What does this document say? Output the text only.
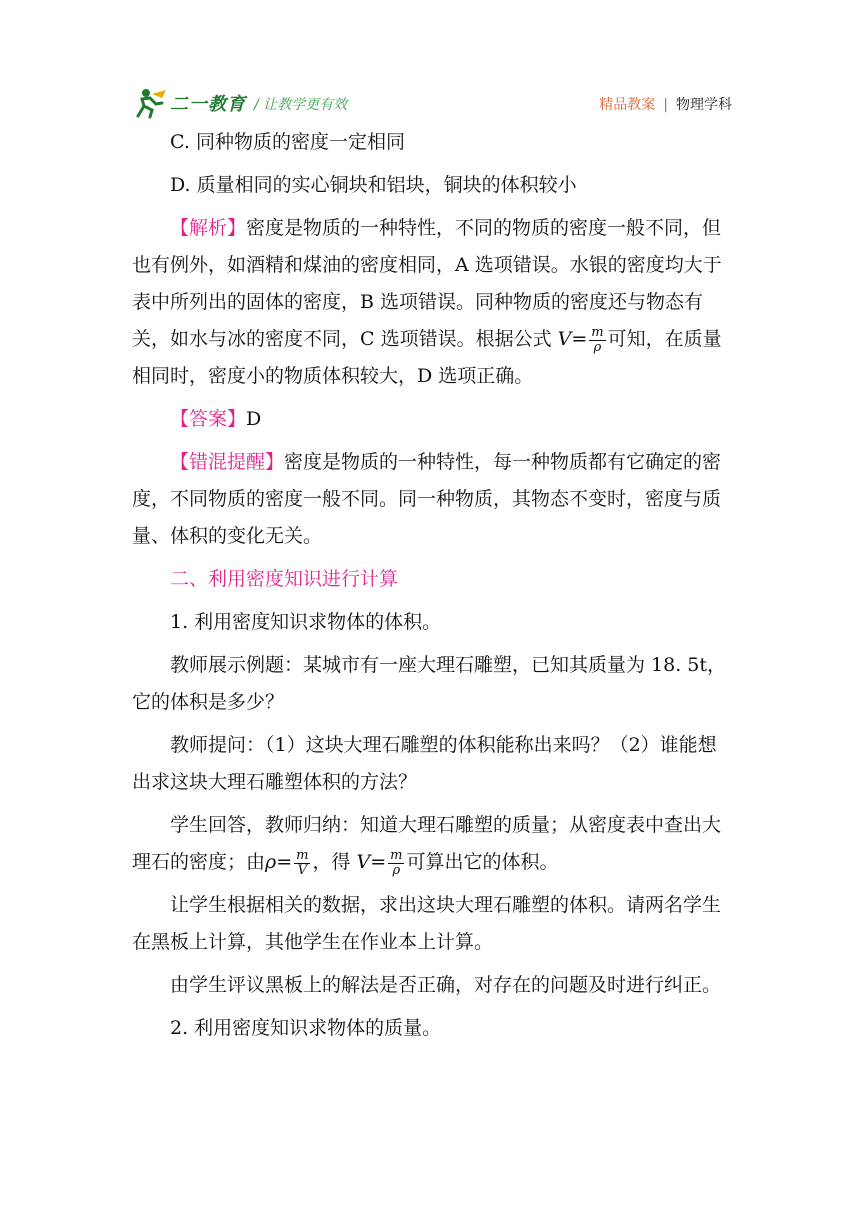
二一教育 / 让教学更有效	精品教案 | 物理学科

C. 同种物质的密度一定相同

D. 质量相同的实心铜块和铝块，铜块的体积较小

【解析】密度是物质的一种特性，不同的物质的密度一般不同，但也有例外，如酒精和煤油的密度相同，A 选项错误。水银的密度均大于表中所列出的固体的密度，B 选项错误。同种物质的密度还与物态有关，如水与冰的密度不同，C 选项错误。根据公式 $V= \frac{m}{\rho}$ 可知，在质量相同时，密度小的物质体积较大，D 选项正确。

【答案】D

【错混提醒】密度是物质的一种特性，每一种物质都有它确定的密度，不同物质的密度一般不同。同一种物质，其物态不变时，密度与质量、体积的变化无关。

二、利用密度知识进行计算

1. 利用密度知识求物体的体积。

教师展示例题：某城市有一座大理石雕塑，已知其质量为 18. 5t，它的体积是多少？

教师提问：（1）这块大理石雕塑的体积能称出来吗？（2）谁能想出求这块大理石雕塑体积的方法？

学生回答，教师归纳：知道大理石雕塑的质量；从密度表中查出大理石的密度；由$\rho= \frac{m}{V}$ ，得 $V= \frac{m}{\rho}$ 可算出它的体积。

让学生根据相关的数据，求出这块大理石雕塑的体积。请两名学生在黑板上计算，其他学生在作业本上计算。

由学生评议黑板上的解法是否正确，对存在的问题及时进行纠正。

2. 利用密度知识求物体的质量。
